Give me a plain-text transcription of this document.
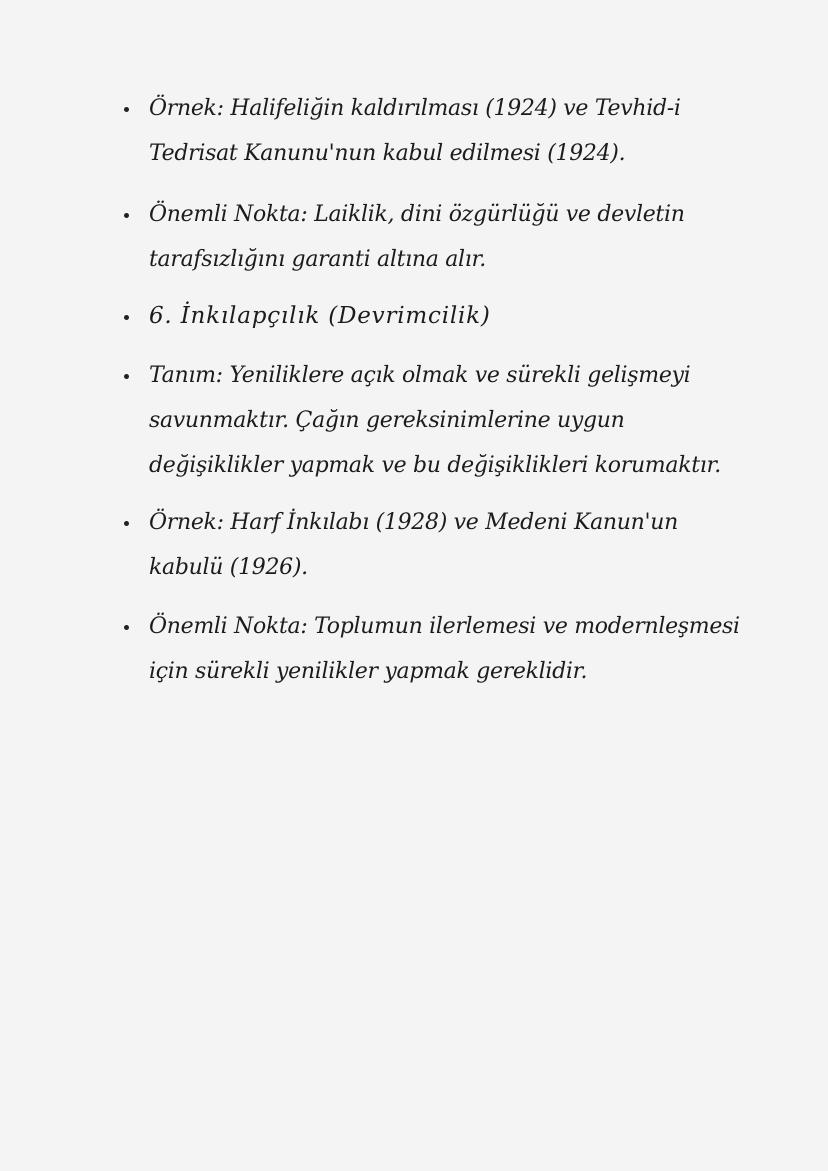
Örnek: Halifeliğin kaldırılması (1924) ve Tevhid-i Tedrisat Kanunu'nun kabul edilmesi (1924).
Önemli Nokta: Laiklik, dini özgürlüğü ve devletin tarafsızlığını garanti altına alır.
6. İnkılapçılık (Devrimcilik)
Tanım: Yeniliklere açık olmak ve sürekli gelişmeyi savunmaktır. Çağın gereksinimlerine uygun değişiklikler yapmak ve bu değişiklikleri korumaktır.
Örnek: Harf İnkılabı (1928) ve Medeni Kanun'un kabulü (1926).
Önemli Nokta: Toplumun ilerlemesi ve modernleşmesi için sürekli yenilikler yapmak gereklidir.
